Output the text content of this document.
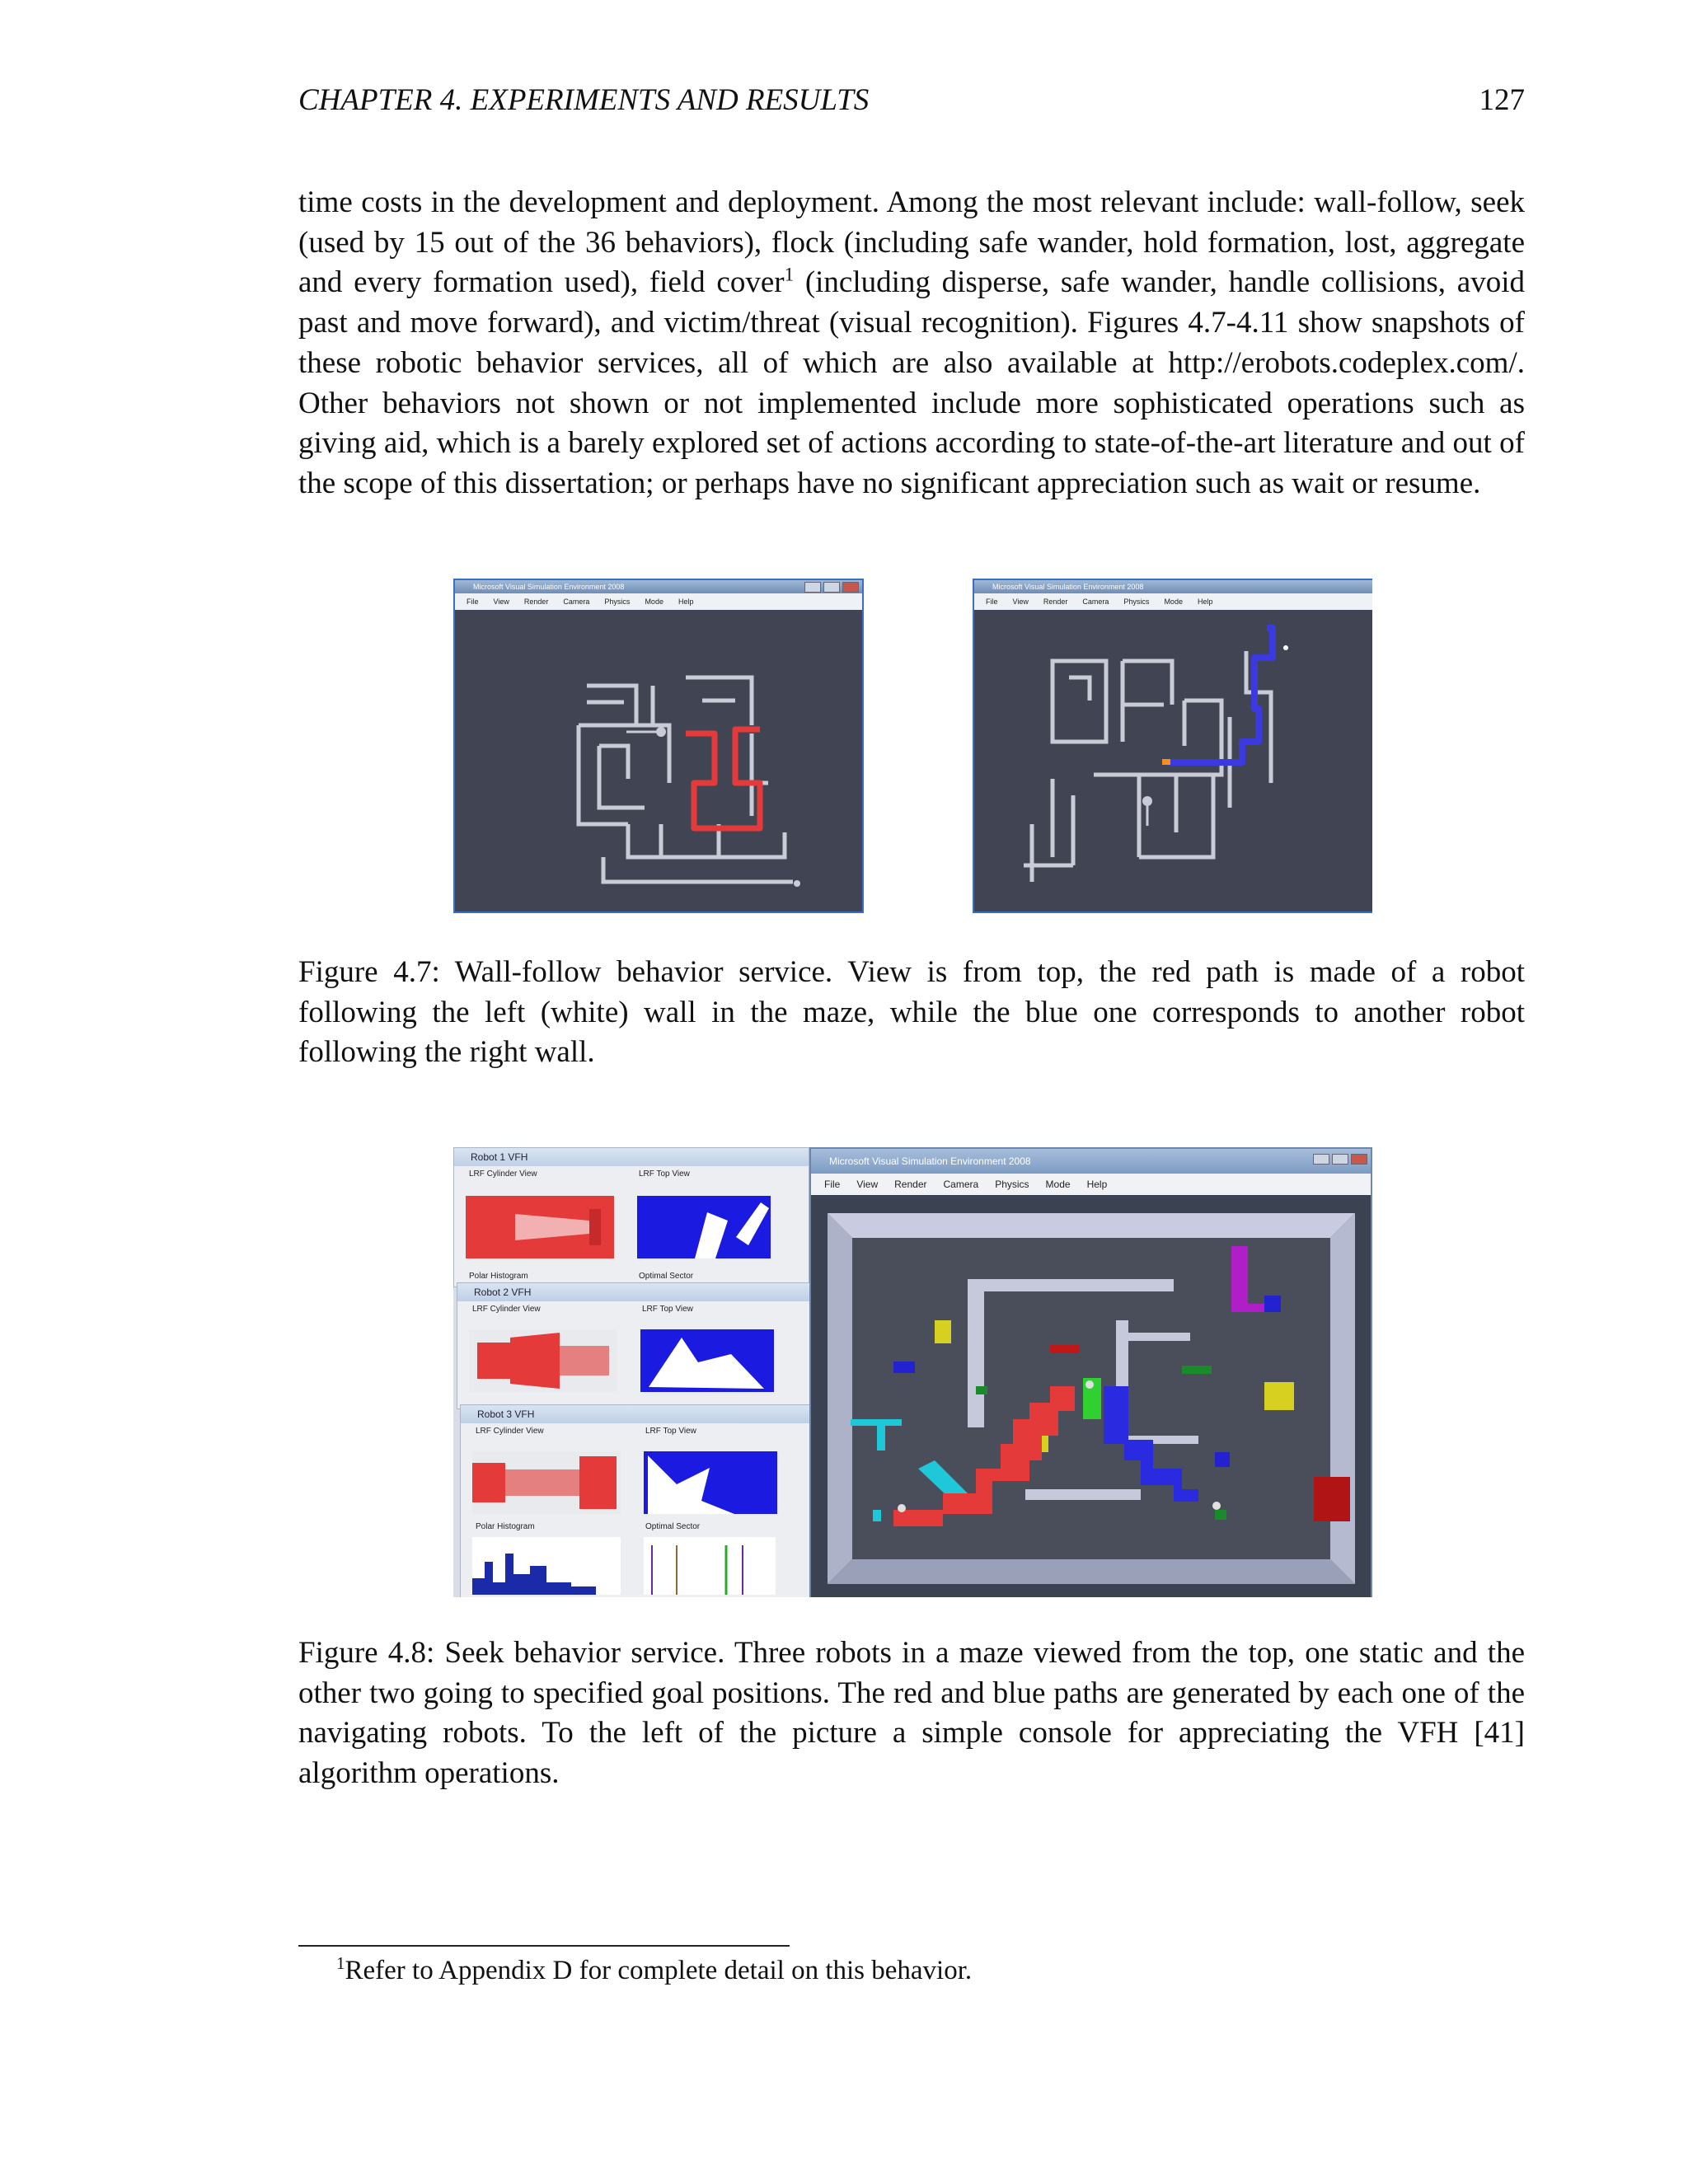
CHAPTER 4. EXPERIMENTS AND RESULTS	127
time costs in the development and deployment. Among the most relevant include: wall-follow, seek (used by 15 out of the 36 behaviors), flock (including safe wander, hold formation, lost, aggregate and every formation used), field cover$^1$ (including disperse, safe wander, handle collisions, avoid past and move forward), and victim/threat (visual recognition). Figures 4.7-4.11 show snapshots of these robotic behavior services, all of which are also available at http://erobots.codeplex.com/. Other behaviors not shown or not implemented include more sophisticated operations such as giving aid, which is a barely explored set of actions according to state-of-the-art literature and out of the scope of this dissertation; or perhaps have no significant appreciation such as wait or resume.
Microsoft Visual Simulation Environment 2008
File View Render Camera Physics Mode Help
Microsoft Visual Simulation Environment 2008
File View Render Camera Physics Mode Help
Figure 4.7: Wall-follow behavior service. View is from top, the red path is made of a robot following the left (white) wall in the maze, while the blue one corresponds to another robot following the right wall.
Robot 1 VFH
LRF Cylinder View	LRF Top View
Polar Histogram	Optimal Sector
Robot 2 VFH
LRF Cylinder View	LRF Top View
Robot 3 VFH
LRF Cylinder View	LRF Top View
Polar Histogram	Optimal Sector
Microsoft Visual Simulation Environment 2008
File View Render Camera Physics Mode Help
Figure 4.8: Seek behavior service. Three robots in a maze viewed from the top, one static and the other two going to specified goal positions. The red and blue paths are generated by each one of the navigating robots. To the left of the picture a simple console for appreciating the VFH [41] algorithm operations.
$^1$Refer to Appendix D for complete detail on this behavior.
